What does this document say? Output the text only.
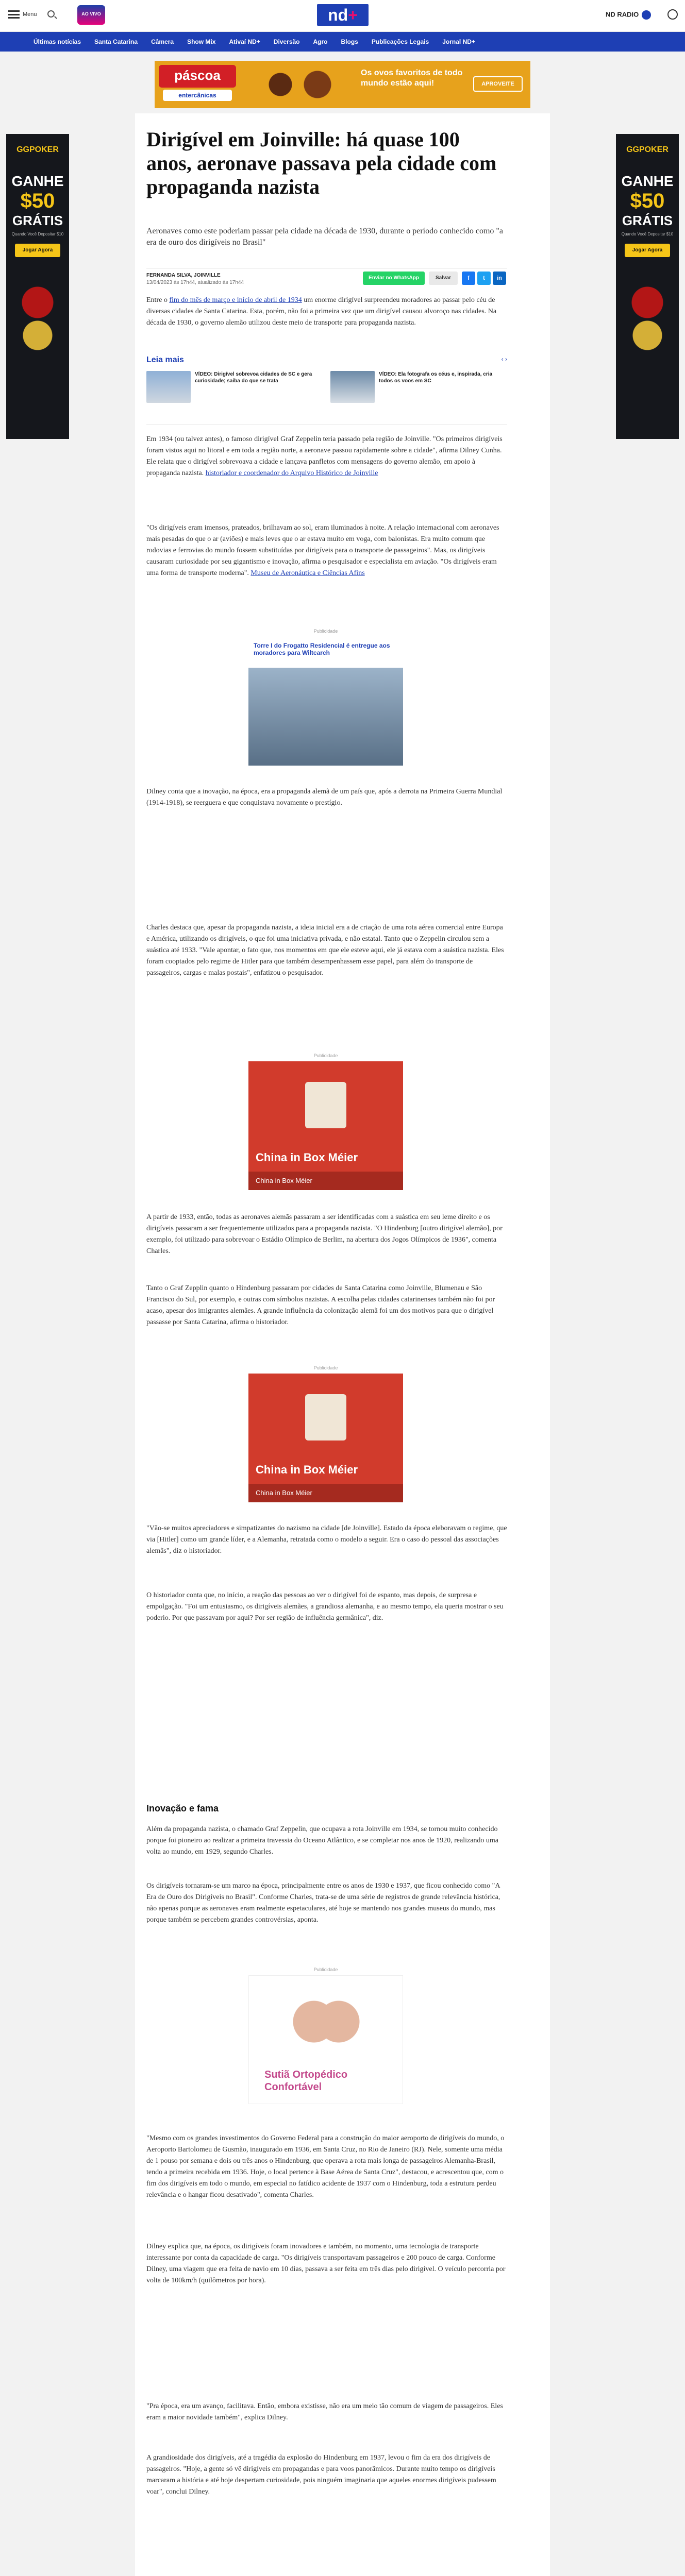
Menu	AO VIVO	nd+	ND RADIO
Últimas notícias	Santa Catarina	Câmera	Show Mix	Ativaí ND+	Diversão	Agro	Blogs	Publicações Legais	Jornal ND+
páscoa
entercânicas
Os ovos favoritos de todo mundo estão aqui!	APROVEITE
GGPOKER
GANHE
$50
GRÁTIS
Quando Você Depositar $10
Jogar Agora
GGPOKER
GANHE
$50
GRÁTIS
Quando Você Depositar $10
Jogar Agora
Dirigível em Joinville: há quase 100 anos, aeronave passava pela cidade com propaganda nazista
Aeronaves como este poderiam passar pela cidade na década de 1930, durante o período conhecido como "a era de ouro dos dirigíveis no Brasil"
FERNANDA SILVA, JOINVILLE
13/04/2023 às 17h44, atualizado às 17h44
Enviar no WhatsApp	Salvar	f	t	in
Entre o fim do mês de março e início de abril de 1934 um enorme dirigível surpreendeu moradores ao passar pelo céu de diversas cidades de Santa Catarina. Esta, porém, não foi a primeira vez que um dirigível causou alvoroço nas cidades. Na década de 1930, o governo alemão utilizou deste meio de transporte para propaganda nazista.
Leia mais	‹ ›
VÍDEO: Dirigível sobrevoa cidades de SC e gera curiosidade; saiba do que se trata
VÍDEO: Ela fotografa os céus e, inspirada, cria todos os voos em SC
Em 1934 (ou talvez antes), o famoso dirigível Graf Zeppelin teria passado pela região de Joinville. "Os primeiros dirigíveis foram vistos aqui no litoral e em toda a região norte, a aeronave passou rapidamente sobre a cidade", afirma Dilney Cunha. Ele relata que o dirigível sobrevoava a cidade e lançava panfletos com mensagens do governo alemão, em apoio à propaganda nazista. historiador e coordenador do Arquivo Histórico de Joinville
"Os dirigíveis eram imensos, prateados, brilhavam ao sol, eram iluminados à noite. A relação internacional com aeronaves mais pesadas do que o ar (aviões) e mais leves que o ar estava muito em voga, com balonistas. Era muito comum que rodovias e ferrovias do mundo fossem substituídas por dirigíveis para o transporte de passageiros". Mas, os dirigíveis causaram curiosidade por seu gigantismo e inovação, afirma o pesquisador e especialista em aviação. "Os dirigíveis eram uma forma de transporte moderna". Museu de Aeronáutica e Ciências Afins
Publicidade
Torre I do Frogatto Residencial é entregue aos moradores para Wiltcarch
Dilney conta que a inovação, na época, era a propaganda alemã de um país que, após a derrota na Primeira Guerra Mundial (1914-1918), se reerguera e que conquistava novamente o prestígio.
Charles destaca que, apesar da propaganda nazista, a ideia inicial era a de criação de uma rota aérea comercial entre Europa e América, utilizando os dirigíveis, o que foi uma iniciativa privada, e não estatal. Tanto que o Zeppelin circulou sem a suástica até 1933. "Vale apontar, o fato que, nos momentos em que ele esteve aqui, ele já estava com a suástica nazista. Eles foram cooptados pelo regime de Hitler para que também desempenhassem esse papel, para além do transporte de passageiros, cargas e malas postais", enfatizou o pesquisador.
Publicidade
China in Box Méier
China in Box Méier
A partir de 1933, então, todas as aeronaves alemãs passaram a ser identificadas com a suástica em seu leme direito e os dirigíveis passaram a ser frequentemente utilizados para a propaganda nazista. "O Hindenburg [outro dirigível alemão], por exemplo, foi utilizado para sobrevoar o Estádio Olímpico de Berlim, na abertura dos Jogos Olímpicos de 1936", comenta Charles.
Tanto o Graf Zepplin quanto o Hindenburg passaram por cidades de Santa Catarina como Joinville, Blumenau e São Francisco do Sul, por exemplo, e outras com símbolos nazistas. A escolha pelas cidades catarinenses também não foi por acaso, apesar dos imigrantes alemães. A grande influência da colonização alemã foi um dos motivos para que o dirigível passasse por Santa Catarina, afirma o historiador.
Publicidade
China in Box Méier
China in Box Méier
"Vão-se muitos apreciadores e simpatizantes do nazismo na cidade [de Joinville]. Estado da época eleboravam o regime, que via [Hitler] como um grande líder, e a Alemanha, retratada como o modelo a seguir. Era o caso do pessoal das associações alemãs", diz o historiador.
O historiador conta que, no início, a reação das pessoas ao ver o dirigível foi de espanto, mas depois, de surpresa e empolgação. "Foi um entusiasmo, os dirigíveis alemães, a grandiosa alemanha, e ao mesmo tempo, ela queria mostrar o seu poderio. Por que passavam por aqui? Por ser região de influência germânica", diz.
Inovação e fama
Além da propaganda nazista, o chamado Graf Zeppelin, que ocupava a rota Joinville em 1934, se tornou muito conhecido porque foi pioneiro ao realizar a primeira travessia do Oceano Atlântico, e se completar nos anos de 1920, realizando uma volta ao mundo, em 1929, segundo Charles.
Os dirigíveis tornaram-se um marco na época, principalmente entre os anos de 1930 e 1937, que ficou conhecido como "A Era de Ouro dos Dirigíveis no Brasil". Conforme Charles, trata-se de uma série de registros de grande relevância histórica, não apenas porque as aeronaves eram realmente espetaculares, até hoje se mantendo nos grandes museus do mundo, mas porque também se percebem grandes controvérsias, aponta.
Publicidade
Sutiã Ortopédico Confortável
"Mesmo com os grandes investimentos do Governo Federal para a construção do maior aeroporto de dirigíveis do mundo, o Aeroporto Bartolomeu de Gusmão, inaugurado em 1936, em Santa Cruz, no Rio de Janeiro (RJ). Nele, somente uma média de 1 pouso por semana e dois ou três anos o Hindenburg, que operava a rota mais longa de passageiros Alemanha-Brasil, tendo a primeira recebida em 1936. Hoje, o local pertence à Base Aérea de Santa Cruz", destacou, e acrescentou que, com o fim dos dirigíveis em todo o mundo, em especial no fatídico acidente de 1937 com o Hindenburg, toda a estrutura perdeu relevância e o hangar ficou desativado", comenta Charles.
Dilney explica que, na época, os dirigíveis foram inovadores e também, no momento, uma tecnologia de transporte interessante por conta da capacidade de carga. "Os dirigíveis transportavam passageiros e 200 pouco de carga. Conforme Dilney, uma viagem que era feita de navio em 10 dias, passava a ser feita em três dias pelo dirigível. O veículo percorria por volta de 100km/h (quilômetros por hora).
"Pra época, era um avanço, facilitava. Então, embora existisse, não era um meio tão comum de viagem de passageiros. Eles eram a maior novidade também", explica Dilney.
A grandiosidade dos dirigíveis, até a tragédia da explosão do Hindenburg em 1937, levou o fim da era dos dirigíveis de passageiros. "Hoje, a gente só vê dirigíveis em propagandas e para voos panorâmicos. Durante muito tempo os dirigíveis marcaram a história e até hoje despertam curiosidade, pois ninguém imaginaria que aqueles enormes dirigíveis pudessem voar", conclui Dilney.
